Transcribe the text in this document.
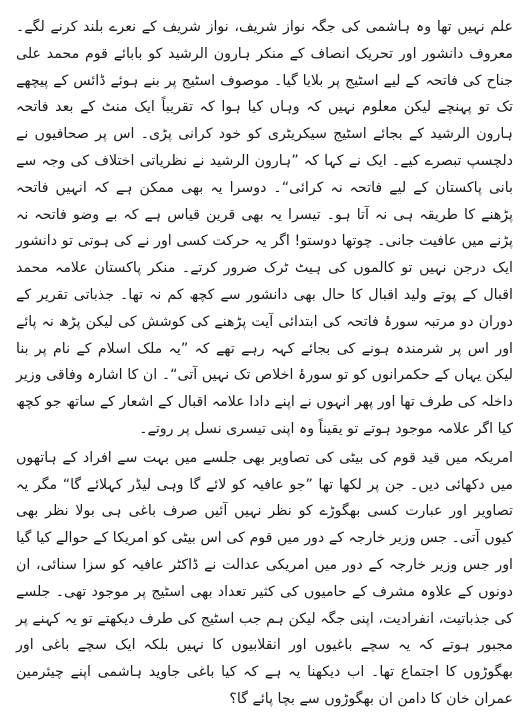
علم نہیں تھا وہ ہاشمی کی جگہ نواز شریف، نواز شریف کے نعرے بلند کرنے لگے۔ معروف دانشور اور تحریک انصاف کے منکر ہارون الرشید کو بابائے قوم محمد علی جناح کی فاتحہ کے لیے اسٹیج پر بلایا گیا۔ موصوف اسٹیج پر بنے ہوئے ڈائس کے پیچھے تک تو پہنچے لیکن معلوم نہیں کہ وہاں کیا ہوا کہ تقریباً ایک منٹ کے بعد فاتحہ ہارون الرشید کے بجائے اسٹیج سیکریٹری کو خود کرانی پڑی۔ اس پر صحافیوں نے دلچسپ تبصرے کیے۔ ایک نے کہا کہ ”ہارون الرشید نے نظریاتی اختلاف کی وجہ سے بانی پاکستان کے لیے فاتحہ نہ کرائی“۔ دوسرا یہ بھی ممکن ہے کہ انہیں فاتحہ پڑھنے کا طریقہ ہی نہ آتا ہو۔ تیسرا یہ بھی قرین قیاس ہے کہ بے وضو فاتحہ نہ پڑنے میں عافیت جانی۔ چوتھا دوستو! اگر یہ حرکت کسی اور نے کی ہوتی تو دانشور ایک درجن نہیں تو کالموں کی ہیٹ ٹرک ضرور کرتے۔ منکر پاکستان علامہ محمد اقبال کے پوتے ولید اقبال کا حال بھی دانشور سے کچھ کم نہ تھا۔ جذباتی تقریر کے دوران دو مرتبہ سورۂ فاتحہ کی ابتدائی آیت پڑھنے کی کوشش کی لیکن پڑھ نہ پائے اور اس پر شرمندہ ہونے کی بجائے کہہ رہے تھے کہ ”یہ ملک اسلام کے نام پر بنا لیکن یہاں کے حکمرانوں کو تو سورۂ اخلاص تک نہیں آتی“۔ ان کا اشارہ وفاقی وزیر داخلہ کی طرف تھا اور پھر انہوں نے اپنے دادا علامہ اقبال کے اشعار کے ساتھ جو کچھ کیا اگر علامہ موجود ہوتے تو یقیناً وہ اپنی تیسری نسل پر روتے۔

امریکہ میں قید قوم کی بیٹی کی تصاویر بھی جلسے میں بہت سے افراد کے ہاتھوں میں دکھائی دیں۔ جن پر لکھا تھا ”جو عافیہ کو لائے گا وہی لیڈر کہلائے گا“ مگر یہ تصاویر اور عبارت کسی بھگوڑے کو نظر نہیں آئیں صرف باغی ہی بولا نظر بھی کیوں آتی۔ جس وزیر خارجہ کے دور میں قوم کی اس بیٹی کو امریکا کے حوالے کیا گیا اور جس وزیر خارجہ کے دور میں امریکی عدالت نے ڈاکٹر عافیہ کو سزا سنائی، ان دونوں کے علاوہ مشرف کے حامیوں کی کثیر تعداد بھی اسٹیج پر موجود تھی۔ جلسے کی جذباتیت، انفرادیت، اپنی جگہ لیکن ہم جب اسٹیج کی طرف دیکھتے تو یہ کہنے پر مجبور ہوتے کہ یہ سچے باغیوں اور انقلابیوں کا نہیں بلکہ ایک سچے باغی اور بھگوڑوں کا اجتماع تھا۔ اب دیکھنا یہ ہے کہ کیا باغی جاوید ہاشمی اپنے چیئرمین عمران خان کا دامن ان بھگوڑوں سے بچا پائے گا؟
